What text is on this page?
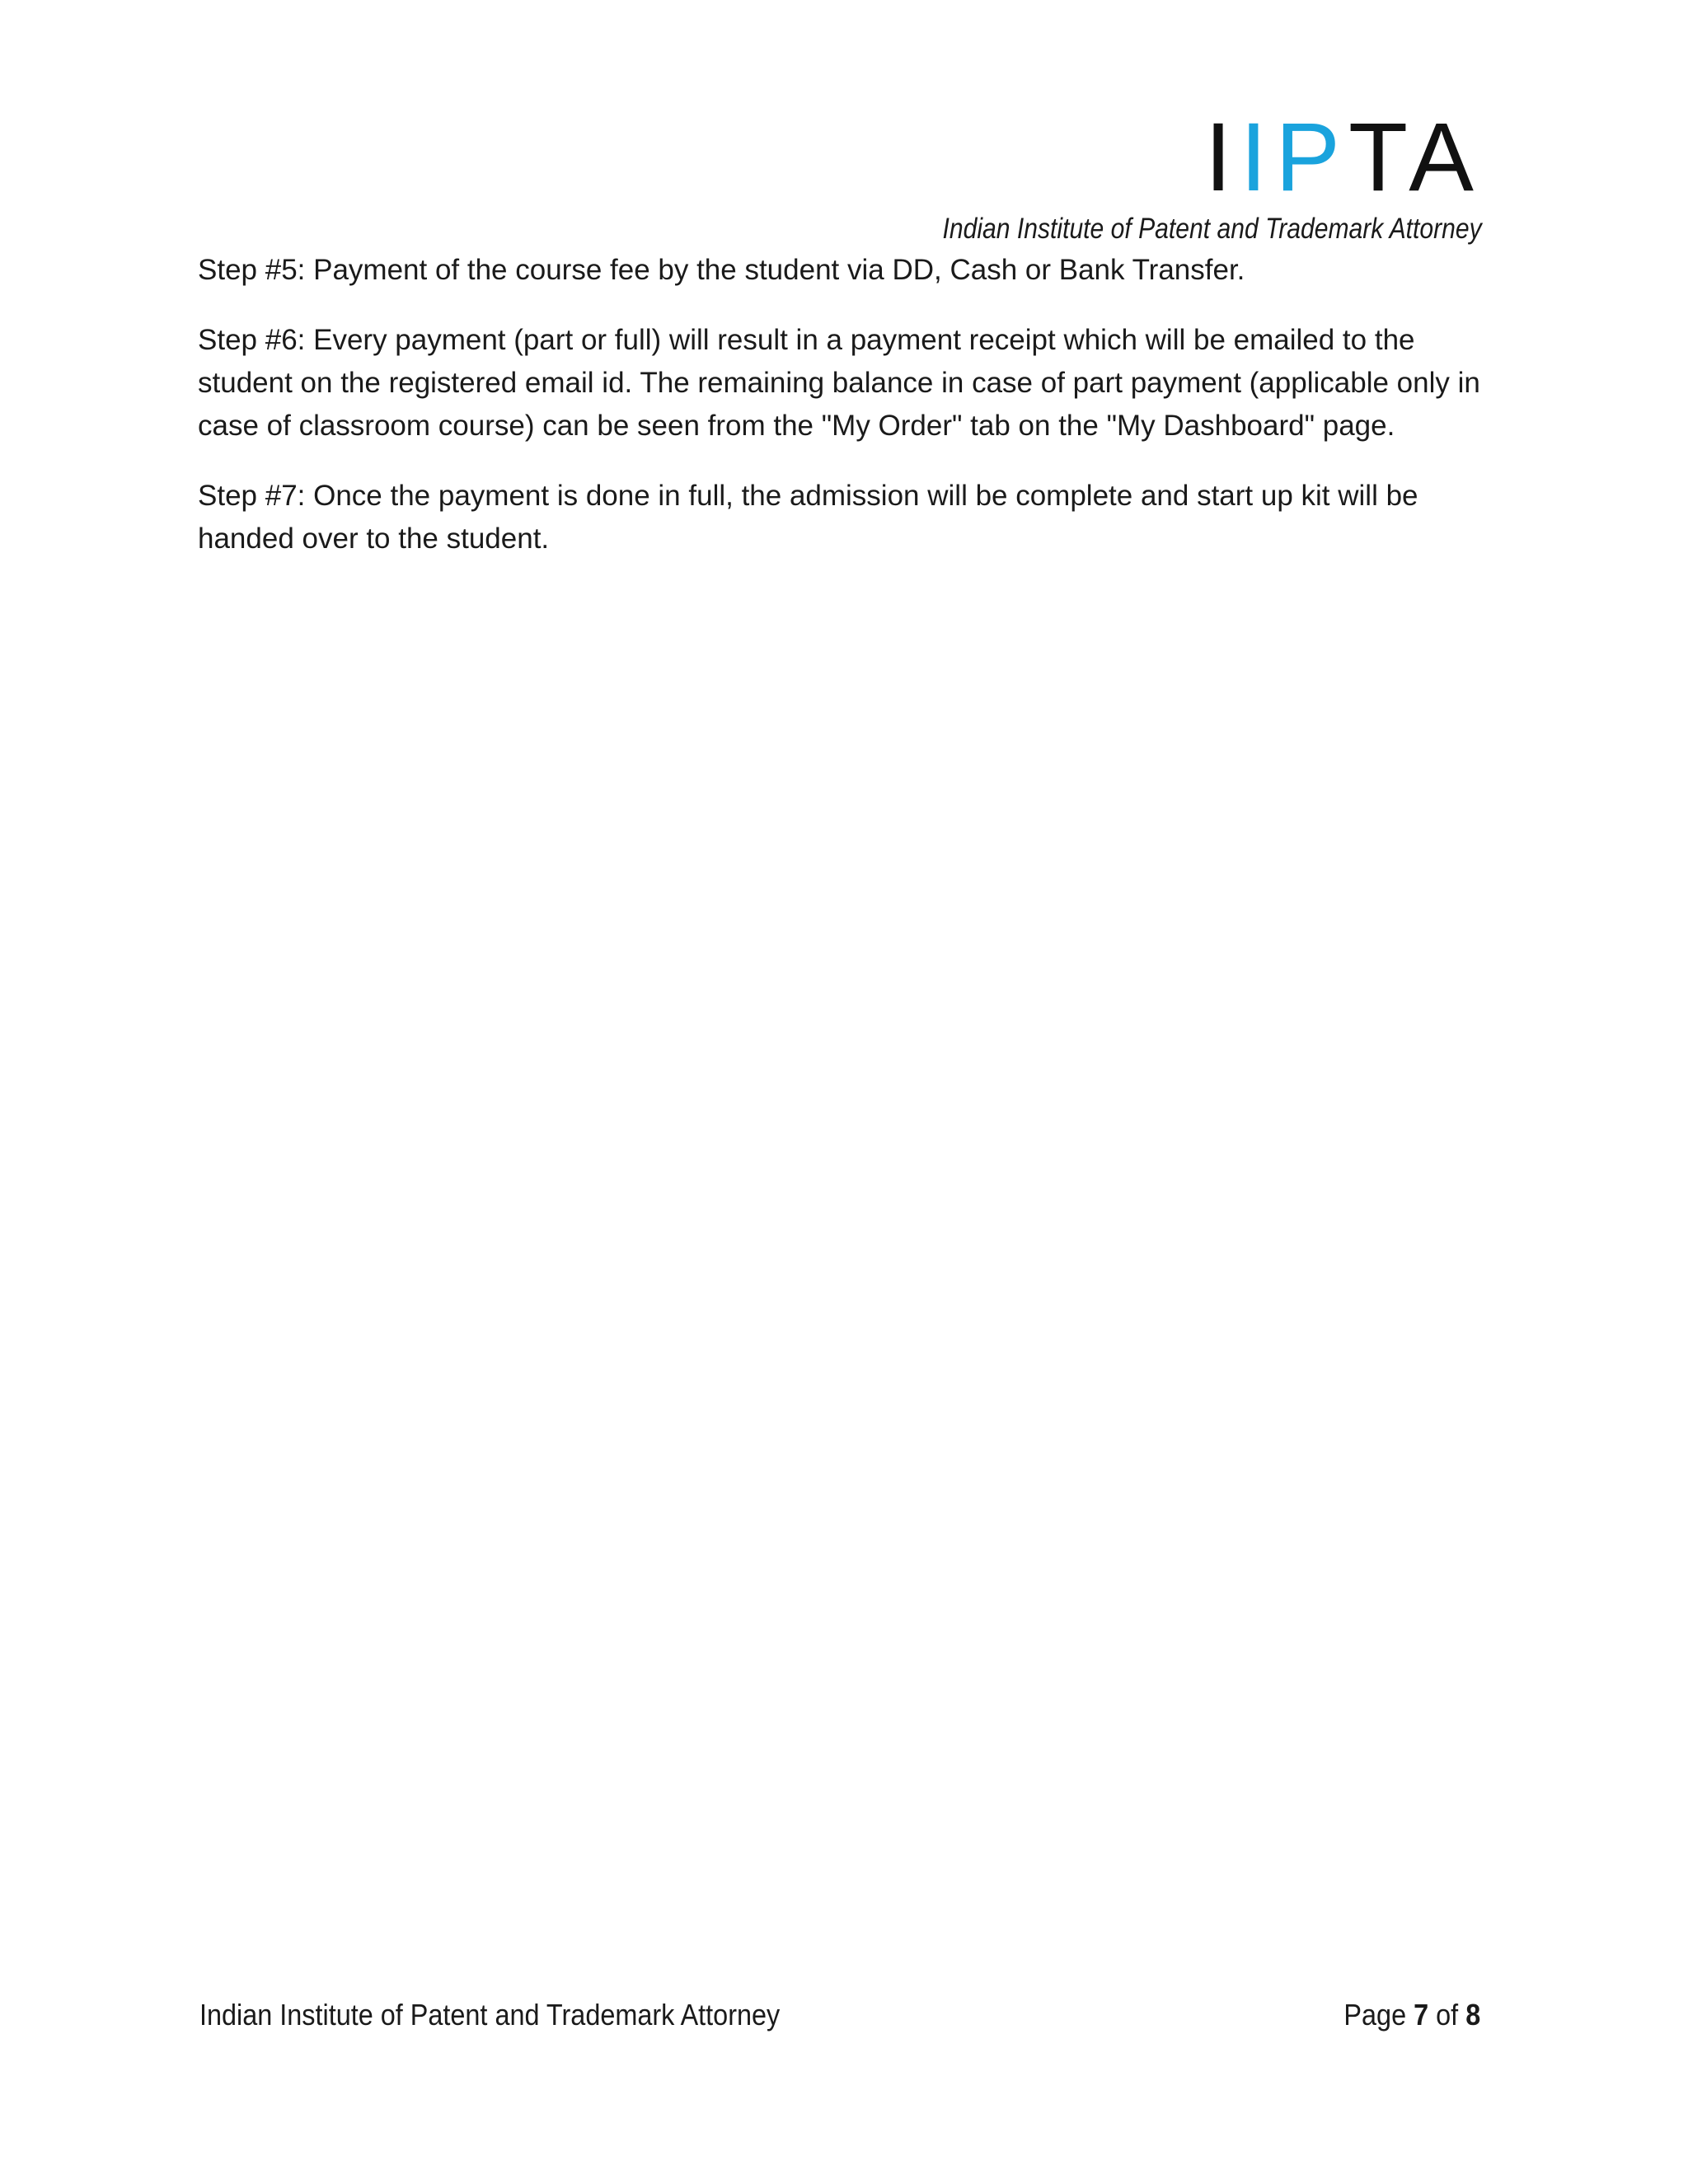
IIPTA
Indian Institute of Patent and Trademark Attorney

Step #5: Payment of the course fee by the student via DD, Cash or Bank Transfer.

Step #6: Every payment (part or full) will result in a payment receipt which will be emailed to the student on the registered email id. The remaining balance in case of part payment (applicable only in case of classroom course) can be seen from the "My Order" tab on the "My Dashboard" page.

Step #7: Once the payment is done in full, the admission will be complete and start up kit will be handed over to the student.

Indian Institute of Patent and Trademark Attorney	Page 7 of 8
